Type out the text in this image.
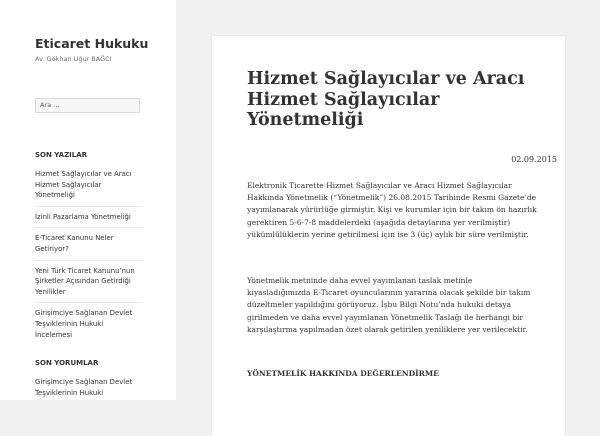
Eticaret Hukuku

Av. Gökhan Uğur BAĞCI

Ara …
SON YAZILAR
Hizmet Sağlayıcılar ve Aracı
Hizmet Sağlayıcılar
Yönetmeliği
İzinli Pazarlama Yönetmeliği
E-Ticaret Kanunu Neler
Getiriyor?
Yeni Türk Ticaret Kanunu’nun
Şirketler Açısından Getirdiği
Yenilikler
Girişimciye Sağlanan Devlet
Teşviklerinin Hukuki
İncelemesi
SON YORUMLAR
Girişimciye Sağlanan Devlet
Teşviklerinin Hukuki
Hizmet Sağlayıcılar ve Aracı Hizmet Sağlayıcılar Yönetmeliği

02.09.2015

Elektronik Ticarette Hizmet Sağlayıcılar ve Aracı Hizmet Sağlayıcılar Hakkında Yönetmelik (“Yönetmelik”) 26.08.2015 Tarihinde Resmi Gazete’de yayımlanarak yürürlüğe girmiştir. Kişi ve kurumlar için bir takım ön hazırlık gerektiren 5-6-7-8 maddelerdeki (aşağıda detaylarına yer verilmiştir) yükümlülüklerin yerine getirilmesi için ise 3 (üç) aylık bir süre verilmiştir.

Yönetmelik metninde daha evvel yayımlanan taslak metinle kıyasladığımızda E-Ticaret oyuncularının yararına olacak şekilde bir takım düzeltmeler yapıldığını görüyoruz. İşbu Bilgi Notu’nda hukuki detaya girilmeden ve daha evvel yayımlanan Yönetmelik Taslağı ile herhangi bir karşılaştırma yapılmadan özet olarak getirilen yeniliklere yer verilecektir.

YÖNETMELİK HAKKINDA DEĞERLENDİRME
